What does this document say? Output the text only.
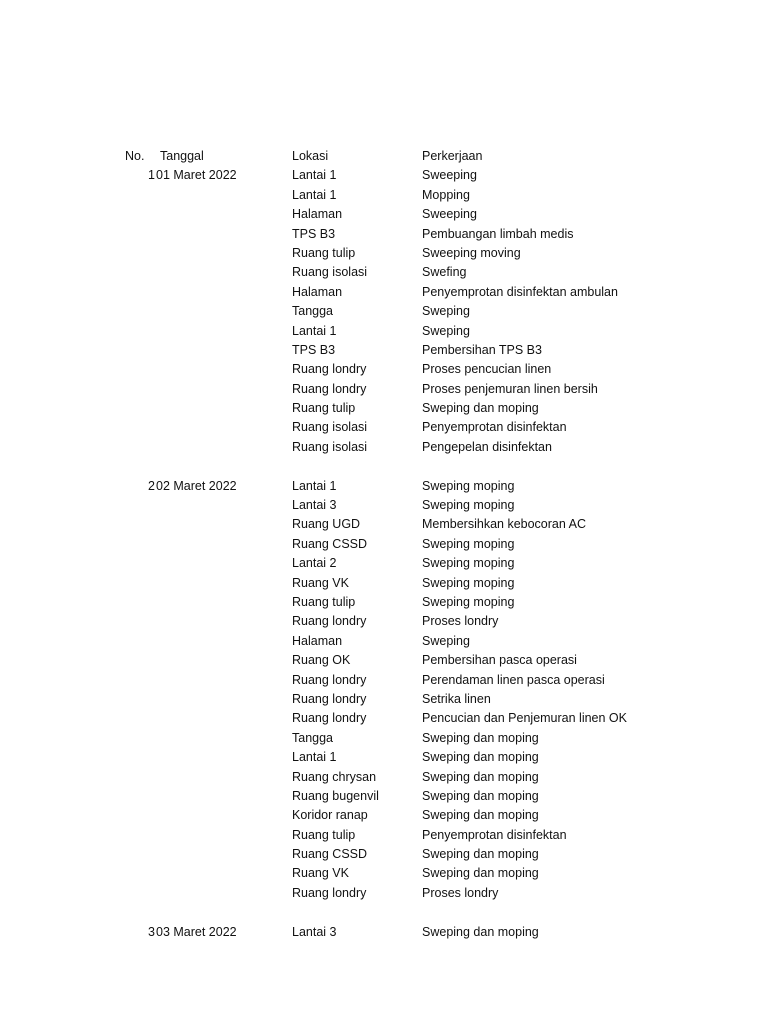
No. Tanggal	Lokasi	Perkerjaan
1 01 Maret 2022	Lantai 1	Sweeping
Lantai 1	Mopping
Halaman	Sweeping
TPS B3	Pembuangan limbah medis
Ruang tulip	Sweeping moving
Ruang isolasi	Swefing
Halaman	Penyemprotan disinfektan ambulan
Tangga	Sweping
Lantai 1	Sweping
TPS B3	Pembersihan TPS B3
Ruang londry	Proses pencucian linen
Ruang londry	Proses penjemuran linen bersih
Ruang tulip	Sweping dan moping
Ruang isolasi	Penyemprotan disinfektan
Ruang isolasi	Pengepelan disinfektan
2 02 Maret 2022	Lantai 1	Sweping moping
Lantai 3	Sweping moping
Ruang UGD	Membersihkan kebocoran AC
Ruang CSSD	Sweping moping
Lantai 2	Sweping moping
Ruang VK	Sweping moping
Ruang tulip	Sweping moping
Ruang londry	Proses londry
Halaman	Sweping
Ruang OK	Pembersihan pasca operasi
Ruang londry	Perendaman linen pasca operasi
Ruang londry	Setrika linen
Ruang londry	Pencucian dan Penjemuran linen OK
Tangga	Sweping dan moping
Lantai 1	Sweping dan moping
Ruang chrysan	Sweping dan moping
Ruang bugenvil	Sweping dan moping
Koridor ranap	Sweping dan moping
Ruang tulip	Penyemprotan disinfektan
Ruang CSSD	Sweping dan moping
Ruang VK	Sweping dan moping
Ruang londry	Proses londry
3 03 Maret 2022	Lantai 3	Sweping dan moping
